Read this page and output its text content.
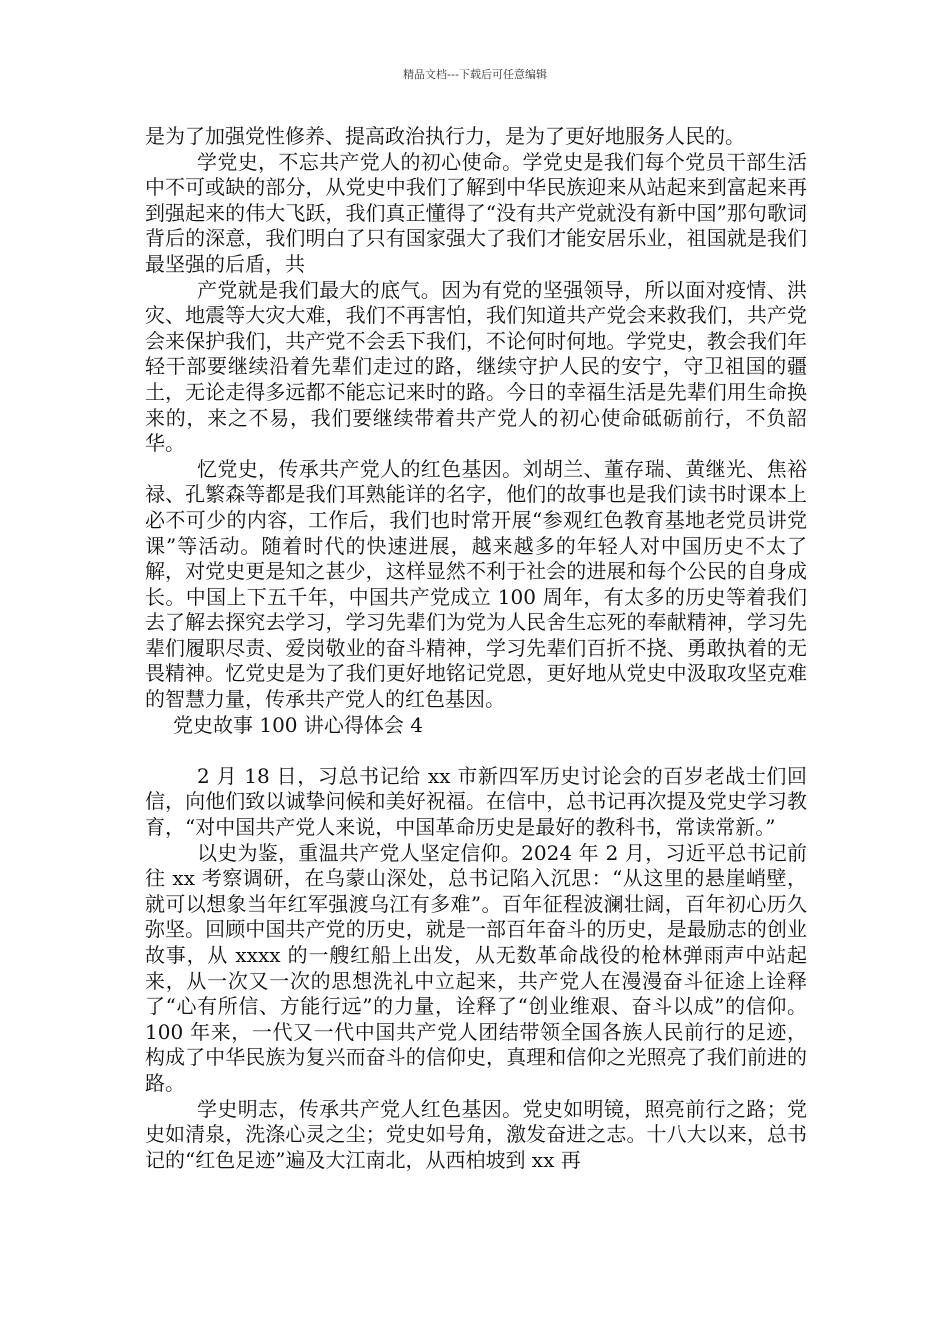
精品文档---下载后可任意编辑

是为了加强党性修养、提高政治执行力，是为了更好地服务人民的。

学党史，不忘共产党人的初心使命。学党史是我们每个党员干部生活中不可或缺的部分，从党史中我们了解到中华民族迎来从站起来到富起来再到强起来的伟大飞跃，我们真正懂得了“没有共产党就没有新中国”那句歌词背后的深意，我们明白了只有国家强大了我们才能安居乐业，祖国就是我们最坚强的后盾，共

产党就是我们最大的底气。因为有党的坚强领导，所以面对疫情、洪灾、地震等大灾大难，我们不再害怕，我们知道共产党会来救我们，共产党会来保护我们，共产党不会丢下我们，不论何时何地。学党史，教会我们年轻干部要继续沿着先辈们走过的路，继续守护人民的安宁，守卫祖国的疆土，无论走得多远都不能忘记来时的路。今日的幸福生活是先辈们用生命换来的，来之不易，我们要继续带着共产党人的初心使命砥砺前行，不负韶华。

忆党史，传承共产党人的红色基因。刘胡兰、董存瑞、黄继光、焦裕禄、孔繁森等都是我们耳熟能详的名字，他们的故事也是我们读书时课本上必不可少的内容，工作后，我们也时常开展“参观红色教育基地老党员讲党课”等活动。随着时代的快速进展，越来越多的年轻人对中国历史不太了解，对党史更是知之甚少，这样显然不利于社会的进展和每个公民的自身成长。中国上下五千年，中国共产党成立 100 周年，有太多的历史等着我们去了解去探究去学习，学习先辈们为党为人民舍生忘死的奉献精神，学习先辈们履职尽责、爱岗敬业的奋斗精神，学习先辈们百折不挠、勇敢执着的无畏精神。忆党史是为了我们更好地铭记党恩，更好地从党史中汲取攻坚克难的智慧力量，传承共产党人的红色基因。

党史故事 100 讲心得体会 4

2 月 18 日，习总书记给 xx 市新四军历史讨论会的百岁老战士们回信，向他们致以诚挚问候和美好祝福。在信中，总书记再次提及党史学习教育，“对中国共产党人来说，中国革命历史是最好的教科书，常读常新。”

以史为鉴，重温共产党人坚定信仰。2024 年 2 月，习近平总书记前往 xx 考察调研，在乌蒙山深处，总书记陷入沉思：“从这里的悬崖峭壁，就可以想象当年红军强渡乌江有多难”。百年征程波澜壮阔，百年初心历久弥坚。回顾中国共产党的历史，就是一部百年奋斗的历史，是最励志的创业故事，从 xxxx 的一艘红船上出发，从无数革命战役的枪林弹雨声中站起来，从一次又一次的思想洗礼中立起来，共产党人在漫漫奋斗征途上诠释了“心有所信、方能行远”的力量，诠释了“创业维艰、奋斗以成”的信仰。100 年来，一代又一代中国共产党人团结带领全国各族人民前行的足迹，构成了中华民族为复兴而奋斗的信仰史，真理和信仰之光照亮了我们前进的路。

学史明志，传承共产党人红色基因。党史如明镜，照亮前行之路；党史如清泉，洗涤心灵之尘；党史如号角，激发奋进之志。十八大以来，总书记的“红色足迹”遍及大江南北，从西柏坡到 xx 再
